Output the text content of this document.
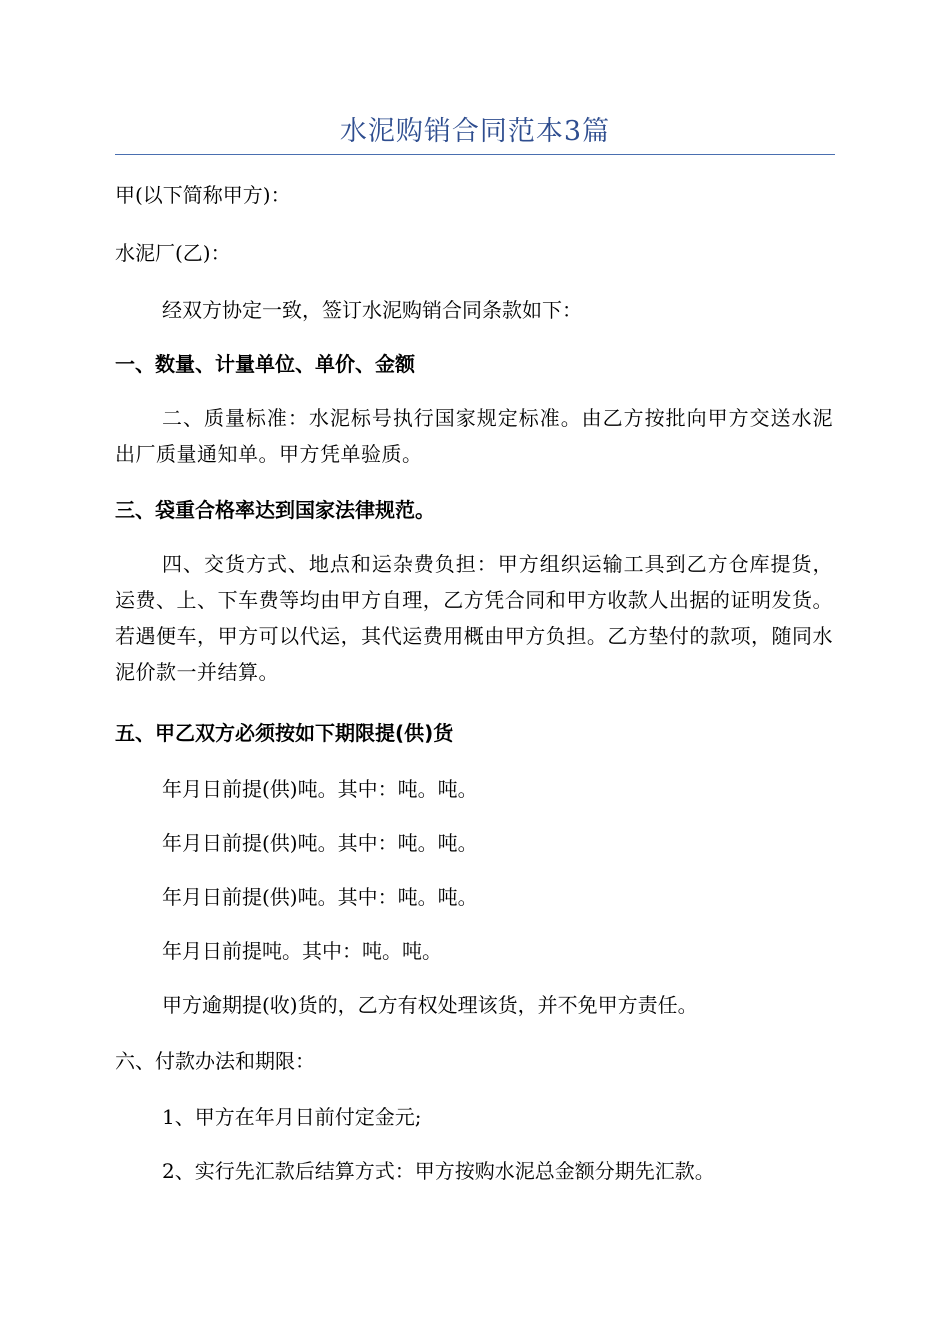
水泥购销合同范本3篇
甲(以下简称甲方)：
水泥厂(乙)：
经双方协定一致，签订水泥购销合同条款如下：
一、数量、计量单位、单价、金额
二、质量标准：水泥标号执行国家规定标准。由乙方按批向甲方交送水泥出厂质量通知单。甲方凭单验质。
三、袋重合格率达到国家法律规范。
四、交货方式、地点和运杂费负担：甲方组织运输工具到乙方仓库提货，运费、上、下车费等均由甲方自理，乙方凭合同和甲方收款人出据的证明发货。若遇便车，甲方可以代运，其代运费用概由甲方负担。乙方垫付的款项，随同水泥价款一并结算。
五、甲乙双方必须按如下期限提(供)货
年月日前提(供)吨。其中：吨。吨。
年月日前提(供)吨。其中：吨。吨。
年月日前提(供)吨。其中：吨。吨。
年月日前提吨。其中：吨。吨。
甲方逾期提(收)货的，乙方有权处理该货，并不免甲方责任。
六、付款办法和期限：
1、甲方在年月日前付定金元;
2、实行先汇款后结算方式：甲方按购水泥总金额分期先汇款。
